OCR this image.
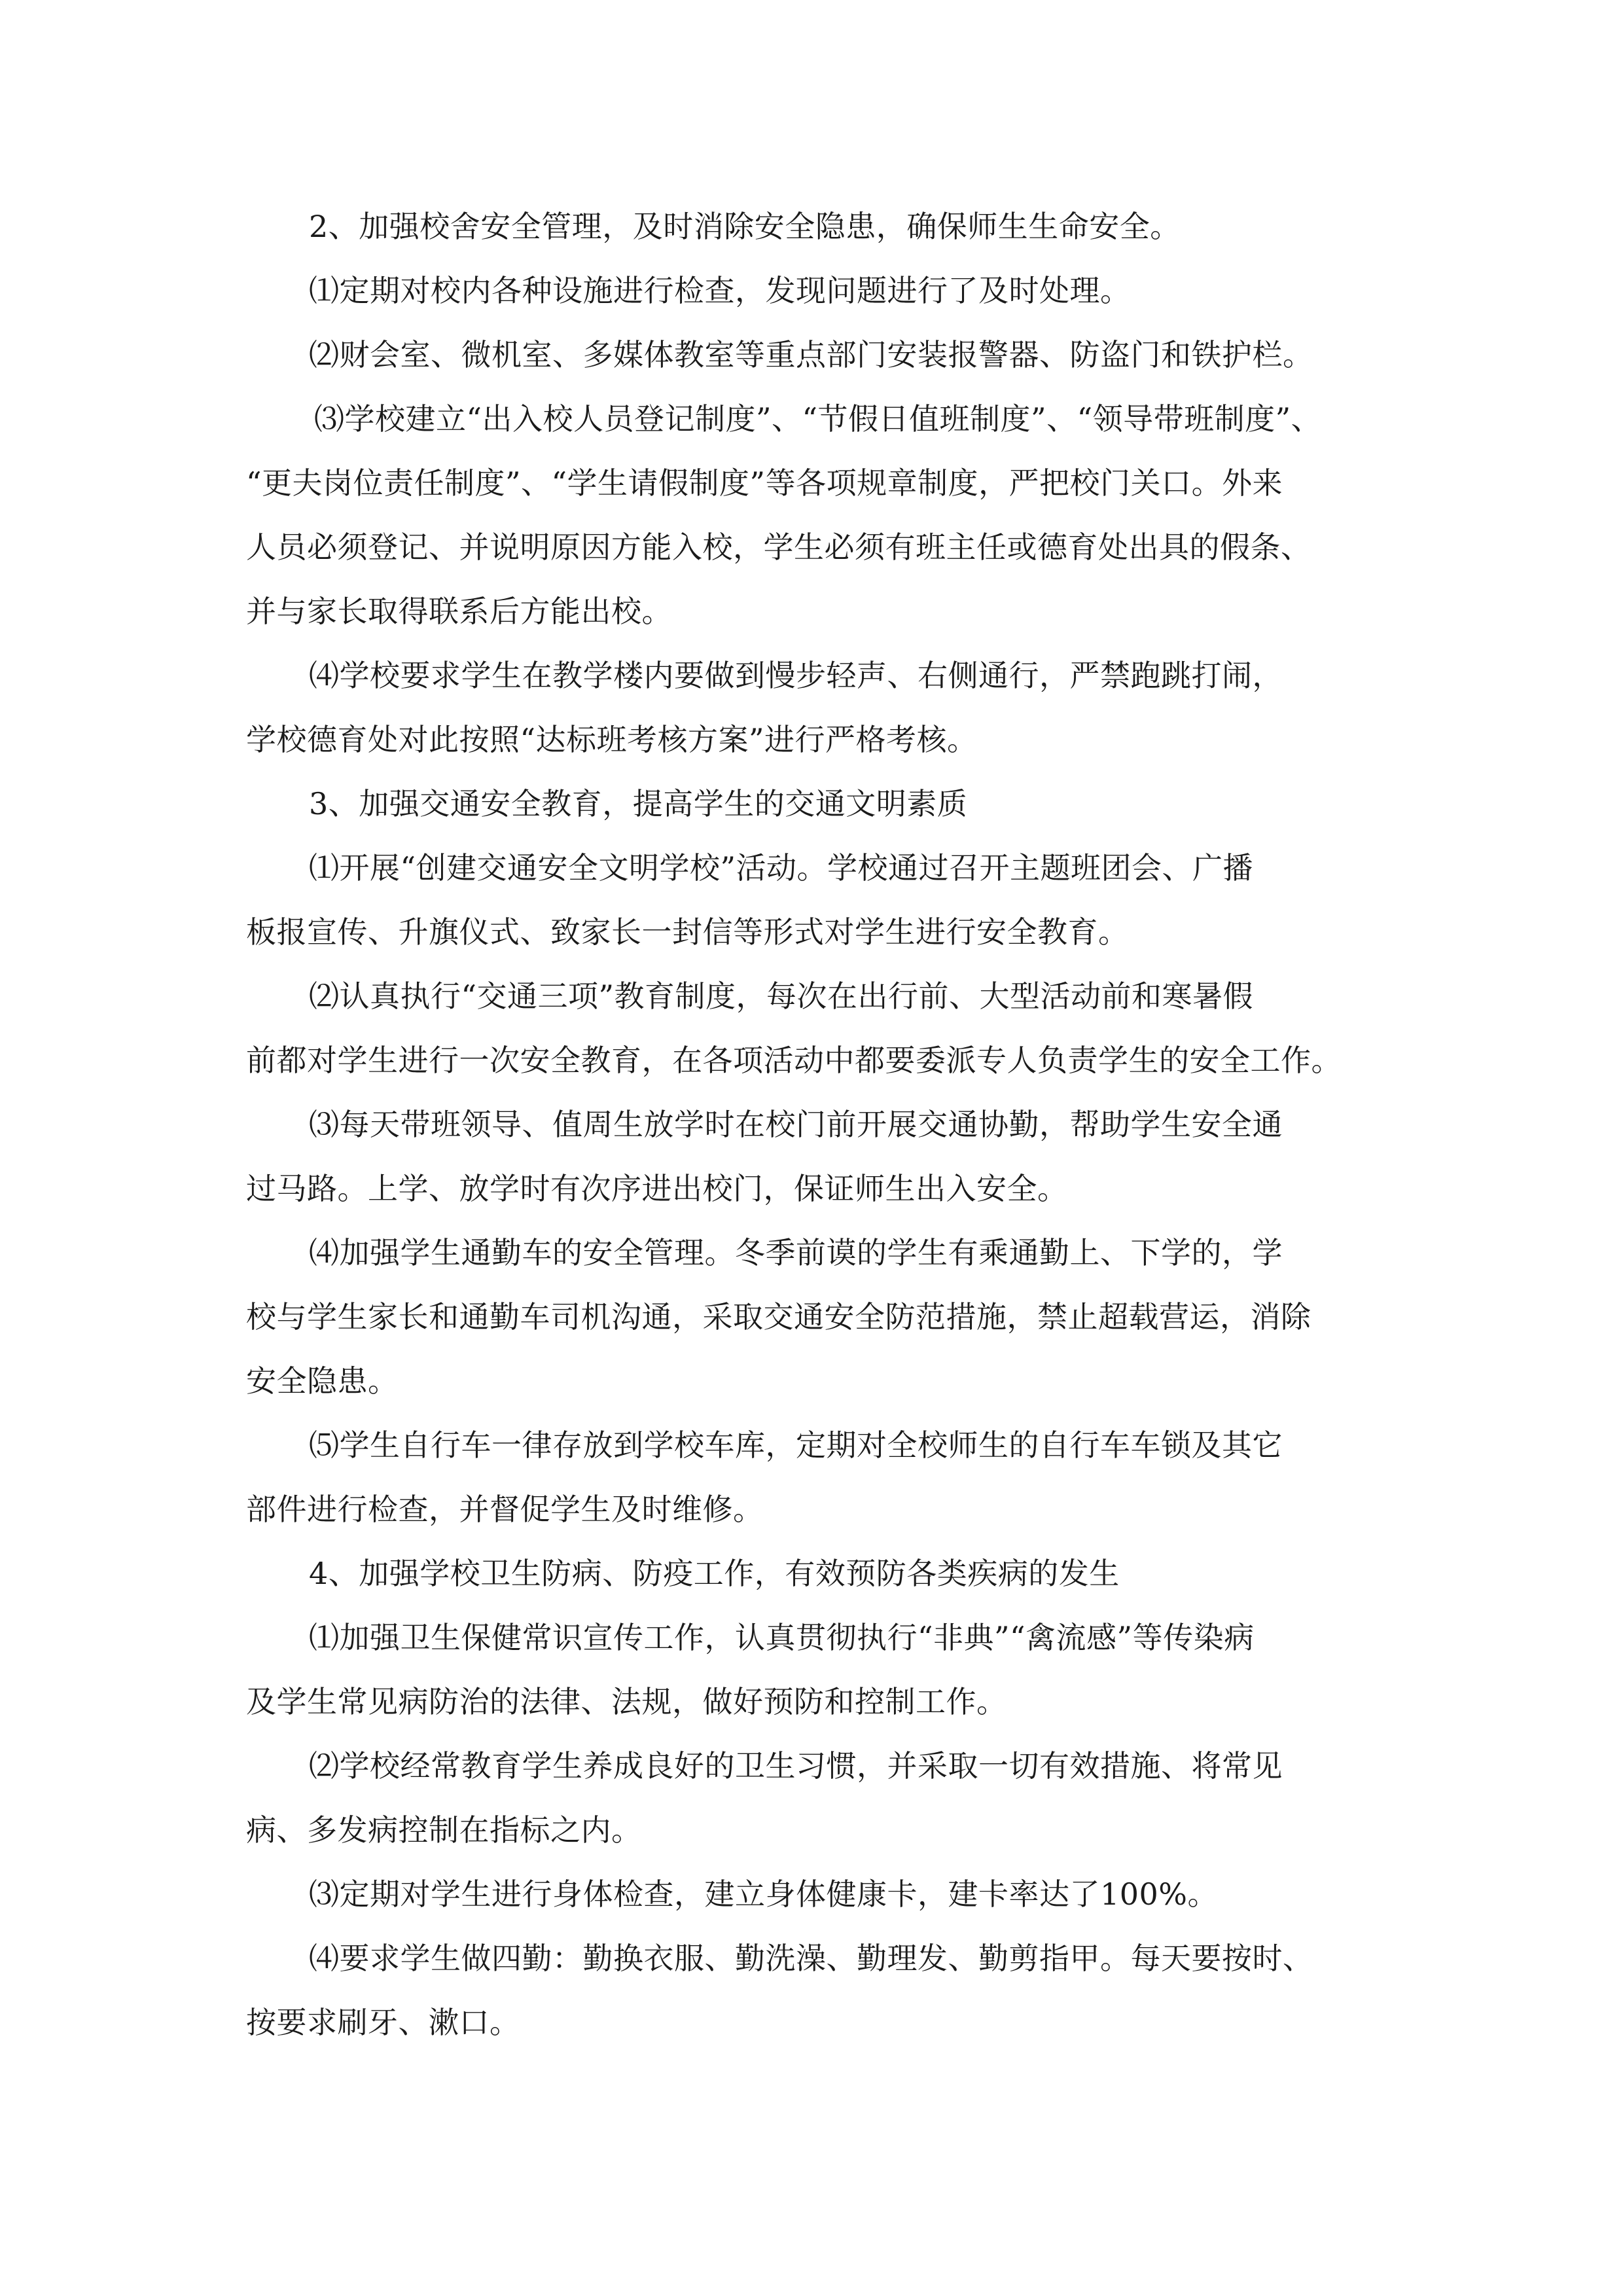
2、加强校舍安全管理，及时消除安全隐患，确保师生生命安全。
⑴定期对校内各种设施进行检查，发现问题进行了及时处理。
⑵财会室、微机室、多媒体教室等重点部门安装报警器、防盗门和铁护栏。
⑶学校建立“出入校人员登记制度”、“节假日值班制度”、“领导带班制度”、
“更夫岗位责任制度”、“学生请假制度”等各项规章制度，严把校门关口。外来
人员必须登记、并说明原因方能入校，学生必须有班主任或德育处出具的假条、
并与家长取得联系后方能出校。
⑷学校要求学生在教学楼内要做到慢步轻声、右侧通行，严禁跑跳打闹，
学校德育处对此按照“达标班考核方案”进行严格考核。
3、加强交通安全教育，提高学生的交通文明素质
⑴开展“创建交通安全文明学校”活动。学校通过召开主题班团会、广播
板报宣传、升旗仪式、致家长一封信等形式对学生进行安全教育。
⑵认真执行“交通三项”教育制度，每次在出行前、大型活动前和寒暑假
前都对学生进行一次安全教育，在各项活动中都要委派专人负责学生的安全工作。
⑶每天带班领导、值周生放学时在校门前开展交通协勤，帮助学生安全通
过马路。上学、放学时有次序进出校门，保证师生出入安全。
⑷加强学生通勤车的安全管理。冬季前谟的学生有乘通勤上、下学的，学
校与学生家长和通勤车司机沟通，采取交通安全防范措施，禁止超载营运，消除
安全隐患。
⑸学生自行车一律存放到学校车库，定期对全校师生的自行车车锁及其它
部件进行检查，并督促学生及时维修。
4、加强学校卫生防病、防疫工作，有效预防各类疾病的发生
⑴加强卫生保健常识宣传工作，认真贯彻执行“非典”“禽流感”等传染病
及学生常见病防治的法律、法规，做好预防和控制工作。
⑵学校经常教育学生养成良好的卫生习惯，并采取一切有效措施、将常见
病、多发病控制在指标之内。
⑶定期对学生进行身体检查，建立身体健康卡，建卡率达了100%。
⑷要求学生做四勤：勤换衣服、勤洗澡、勤理发、勤剪指甲。每天要按时、
按要求刷牙、漱口。
